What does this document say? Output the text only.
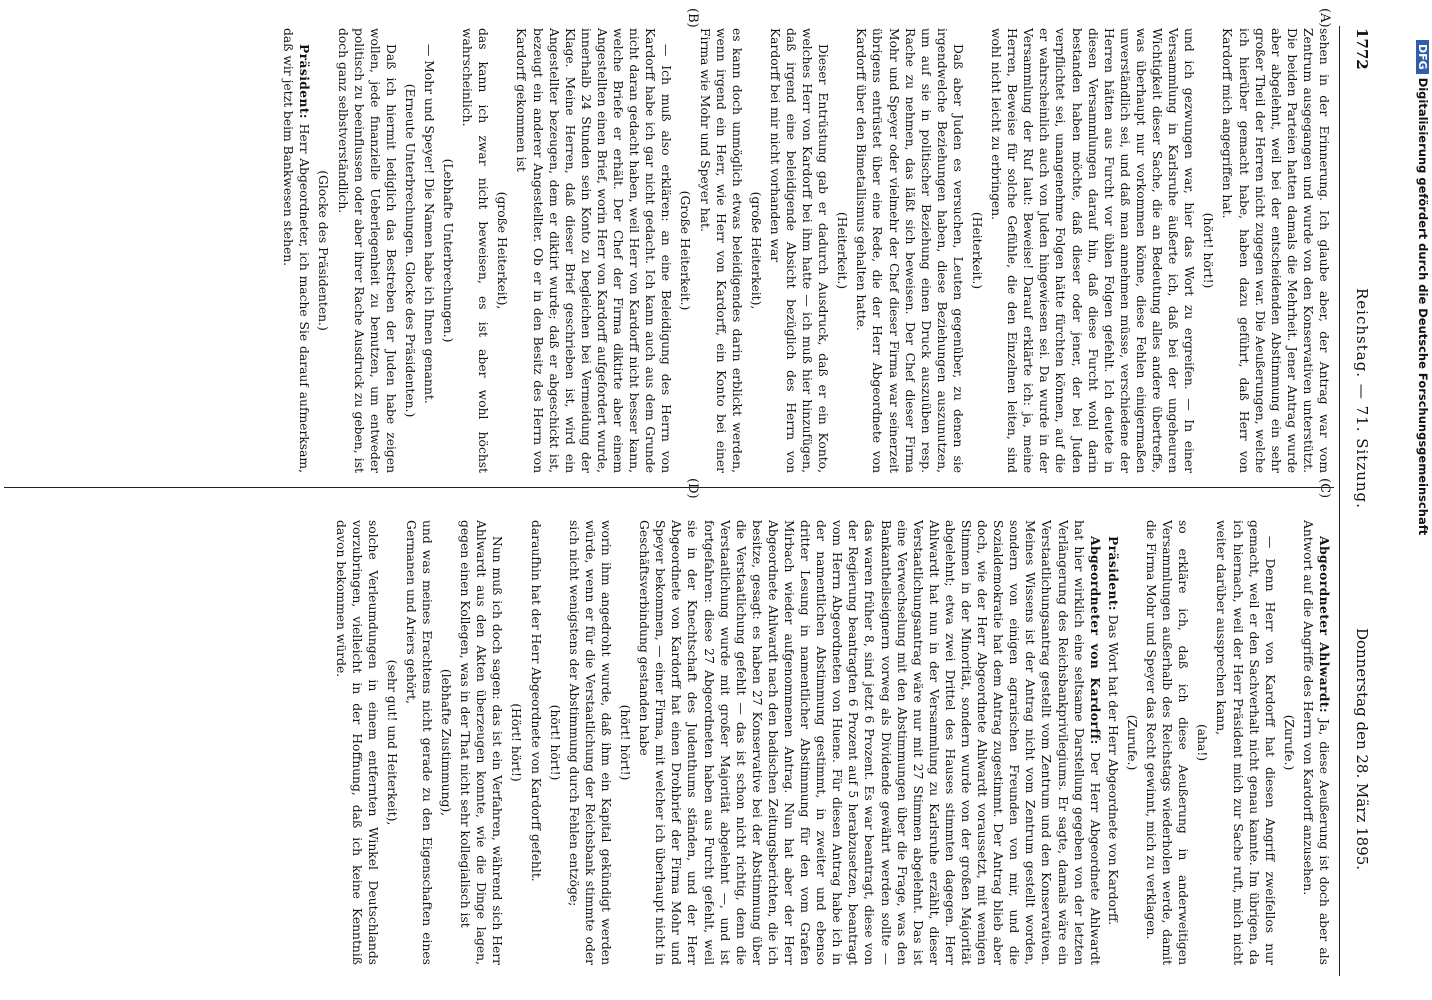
1772
Reichstag. — 71. Sitzung.
Donnerstag den 28. März 1895.
(A)
(B)
(C)
(D)

sehen in der Erinnerung. Ich glaube aber, der Antrag war vom Zentrum ausgegangen und wurde von den Konservativen unterstützt. Die beiden Parteien hatten damals die Mehrheit. Jener Antrag wurde aber abgelehnt, weil bei der entscheidenden Abstimmung ein sehr großer Theil der Herren nicht zugegen war. Die Aeußerungen, welche ich hierüber gemacht habe, haben dazu geführt, daß Herr von Kardorff mich angegriffen hat.

(hört! hört!)

und ich gezwungen war, hier das Wort zu ergreifen. — In einer Versammlung in Karlsruhe äußerte ich, daß bei der ungeheuren Wichtigkeit dieser Sache, die an Bedeutung alles andere übertreffe, was überhaupt nur vorkommen könne, diese Fehlen einigermaßen unverständlich sei, und daß man annehmen müsse, verschiedene der Herren hätten aus Furcht vor üblen Folgen gefehlt. Ich deutete in diesen Versammlungen darauf hin, daß diese Furcht wohl darin bestanden haben möchte, daß dieser oder jener, der bei Juden verpflichtet sei, unangenehme Folgen hätte fürchten können, auf die er wahrscheinlich auch von Juden hingewiesen sei. Da wurde in der Versammlung der Ruf laut: Beweise! Darauf erklärte ich: ja, meine Herren, Beweise für solche Gefühle, die den Einzelnen leiten, sind wohl nicht leicht zu erbringen.

(Heiterkeit.)

Daß aber Juden es versuchen, Leuten gegenüber, zu denen sie irgendwelche Beziehungen haben, diese Beziehungen auszunutzen, um auf sie in politischer Beziehung einen Druck auszuüben resp. Rache zu nehmen, das läßt sich beweisen. Der Chef dieser Firma Mohr und Speyer oder vielmehr der Chef dieser Firma war seinerzeit übrigens entrüstet über eine Rede, die der Herr Abgeordnete von Kardorff über den Bimetallismus gehalten hatte.

(Heiterkeit.)

Dieser Entrüstung gab er dadurch Ausdruck, daß er ein Konto, welches Herr von Kardorff bei ihm hatte — ich muß hier hinzufügen, daß irgend eine beleidigende Absicht bezüglich des Herrn von Kardorff bei mir nicht vorhanden war

(große Heiterkeit),

es kann doch unmöglich etwas beleidigendes darin erblickt werden, wenn irgend ein Herr, wie Herr von Kardorff, ein Konto bei einer Firma wie Mohr und Speyer hat.

(Große Heiterkeit.)

— Ich muß also erklären: an eine Beleidigung des Herrn von Kardorff habe ich gar nicht gedacht. Ich kann auch aus dem Grunde nicht daran gedacht haben, weil Herr von Kardorff nicht besser kann, welche Briefe er erhält. Der Chef der Firma diktirte aber einem Angestellten einen Brief, worin Herr von Kardorff aufgefordert wurde, innerhalb 24 Stunden sein Konto zu begleichen bei Vermeidung der Klage. Meine Herren, daß dieser Brief geschrieben ist, wird ein Angestellter bezeugen, dem er diktirt wurde; daß er abgeschickt ist, bezeugt ein anderer Angestellter. Ob er in den Besitz des Herrn von Kardorff gekommen ist

(große Heiterkeit),

das kann ich zwar nicht beweisen, es ist aber wohl höchst wahrscheinlich.

(Lebhafte Unterbrechungen.)

— Mohr und Speyer! Die Namen habe ich Ihnen genannt.

(Erneute Unterbrechungen. Glocke des Präsidenten.)

Daß ich hiermit lediglich das Bestreben der Juden habe zeigen wollen, jede finanzielle Ueberlegenheit zu benutzen, um entweder politisch zu beeinflussen oder aber ihrer Rache Ausdruck zu geben, ist doch ganz selbstverständlich.

(Glocke des Präsidenten.)

Präsident: Herr Abgeordneter, ich mache Sie darauf aufmerksam, daß wir jetzt beim Bankwesen stehen.

Abgeordneter Ahlwardt: Ja, diese Aeußerung ist doch aber als Antwort auf die Angriffe des Herrn von Kardorff anzusehen.

(Zurufe.)

— Denn Herr von Kardorff hat diesen Angriff zweifellos nur gemacht, weil er den Sachverhalt nicht genau kannte. Im übrigen, da ich hiernach, weil der Herr Präsident mich zur Sache ruft, mich nicht weiter darüber aussprechen kann,

(aha!)

so erkläre ich, daß ich diese Aeußerung in anderweitigen Versammlungen außerhalb des Reichstags wiederholen werde, damit die Firma Mohr und Speyer das Recht gewinnt, mich zu verklagen.

(Zurufe.)

Präsident: Das Wort hat der Herr Abgeordnete von Kardorff.

Abgeordneter von Kardorff: Der Herr Abgeordnete Ahlwardt hat hier wirklich eine seltsame Darstellung gegeben von der letzten Verlängerung des Reichsbankprivilegiums. Er sagte, damals wäre ein Verstaatlichungsantrag gestellt vom Zentrum und den Konservativen. Meines Wissens ist der Antrag nicht vom Zentrum gestellt worden, sondern von einigen agrarischen Freunden von mir, und die Sozialdemokratie hat dem Antrag zugestimmt. Der Antrag blieb aber doch, wie der Herr Abgeordnete Ahlwardt voraussetzt, mit wenigen Stimmen in der Minorität, sondern wurde von der großen Majorität abgelehnt; etwa zwei Drittel des Hauses stimmten dagegen. Herr Ahlwardt hat nun in der Versammlung zu Karlsruhe erzählt, dieser Verstaatlichungsantrag wäre nur mit 27 Stimmen abgelehnt. Das ist eine Verwechselung mit den Abstimmungen über die Frage, was den Bankantheilseignern vorweg als Dividende gewährt werden sollte — das waren früher 8, sind jetzt 6 Prozent. Es war beantragt, diese von der Regierung beantragten 6 Prozent auf 5 herabzusetzen, beantragt vom Herrn Abgeordneten von Huene. Für diesen Antrag habe ich in der namentlichen Abstimmung gestimmt, in zweiter und ebenso dritter Lesung in namentlicher Abstimmung für den vom Grafen Mirbach wieder aufgenommenen Antrag. Nun hat aber der Herr Abgeordnete Ahlwardt nach den badischen Zeitungsberichten, die ich besitze, gesagt: es haben 27 Konservative bei der Abstimmung über die Verstaatlichung gefehlt — das ist schon nicht richtig, denn die Verstaatlichung wurde mit großer Majorität abgelehnt —, und ist fortgefahren: diese 27 Abgeordneten haben aus Furcht gefehlt, weil sie in der Knechtschaft des Judenthums ständen, und der Herr Abgeordnete von Kardorff hat einen Drohbrief der Firma Mohr und Speyer bekommen, — einer Firma, mit welcher ich überhaupt nicht in Geschäftsverbindung gestanden habe

(hört! hört!)

worin ihm angedroht wurde, daß ihm ein Kapital gekündigt werden würde, wenn er für die Verstaatlichung der Reichsbank stimmte oder sich nicht wenigstens der Abstimmung durch Fehlen entzöge;

(hört! hört!)

daraufhin hat der Herr Abgeordnete von Kardorff gefehlt.

(Hört! hört!)

Nun muß ich doch sagen: das ist ein Verfahren, während sich Herr Ahlwardt aus den Akten überzeugen konnte, wie die Dinge lagen, gegen einen Kollegen, was in der That nicht sehr kollegialisch ist

(lebhafte Zustimmung),

und was meines Erachtens nicht gerade zu den Eigenschaften eines Germanen und Ariers gehört,

(sehr gut! und Heiterkeit),

solche Verleumdungen in einem entfernten Winkel Deutschlands vorzubringen, vielleicht in der Hoffnung, daß ich keine Kenntniß davon bekommen würde.

DFGDigitalisierung gefördert durch die Deutsche Forschungsgemeinschaft
